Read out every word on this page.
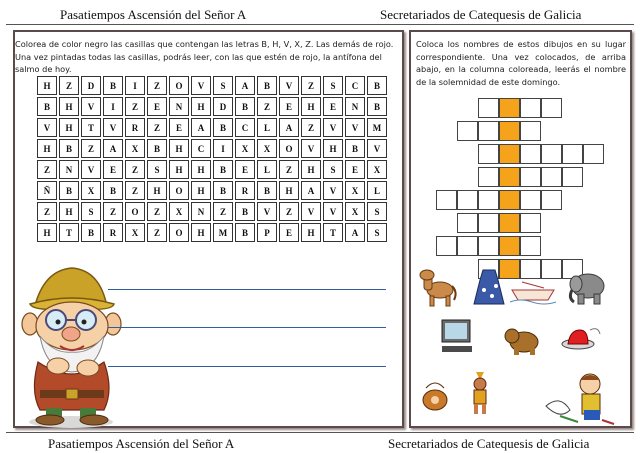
Pasatiempos Ascensión del Señor A	Secretariados de Catequesis de Galicia
Colorea de color negro las casillas que contengan las letras B, H, V, X, Z. Las demás de rojo. Una vez pintadas todas las casillas, podrás leer, con las que estén de rojo, la antífona del salmo de hoy.
Coloca los nombres de estos dibujos en su lugar correspondiente. Una vez colocados, de arriba abajo, en la columna coloreada, leerás el nombre de la solemnidad de este domingo.
H	Z	D	B	I	Z	O	V	S	A	B	V	Z	S	C	B
B	H	V	I	Z	E	N	H	D	B	Z	E	H	E	N	B
V	H	T	V	R	Z	E	A	B	C	L	A	Z	V	V	M
H	B	Z	A	X	B	H	C	I	X	X	O	V	H	B	V
Z	N	V	E	Z	S	H	H	B	E	L	Z	H	S	E	X
Ñ	B	X	B	Z	H	O	H	B	R	B	H	A	V	X	L
Z	H	S	Z	O	Z	X	N	Z	B	V	Z	V	V	X	S
H	T	B	R	X	Z	O	H	M	B	P	E	H	T	A	S
Pasatiempos Ascensión del Señor A	Secretariados de Catequesis de Galicia
